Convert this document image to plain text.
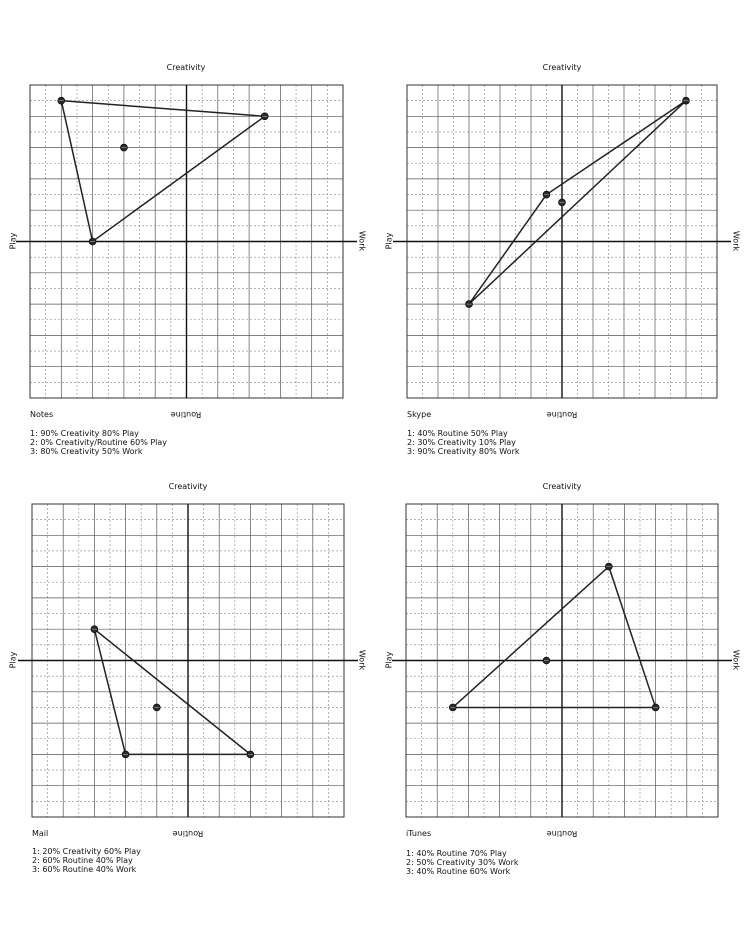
Creativity
Play	Work
Notes	Routine
1: 90% Creativity 80% Play
2: 0% Creativity/Routine 60% Play
3: 80% Creativity 50% Work
Creativity
Play	Work
Skype	Routine
1: 40% Routine 50% Play
2: 30% Creativity 10% Play
3: 90% Creativity 80% Work
Creativity
Play	Work
Mail	Routine
1: 20% Creativity 60% Play
2: 60% Routine 40% Play
3: 60% Routine 40% Work
Creativity
Play	Work
iTunes	Routine
1: 40% Routine 70% Play
2: 50% Creativity 30% Work
3: 40% Routine 60% Work
